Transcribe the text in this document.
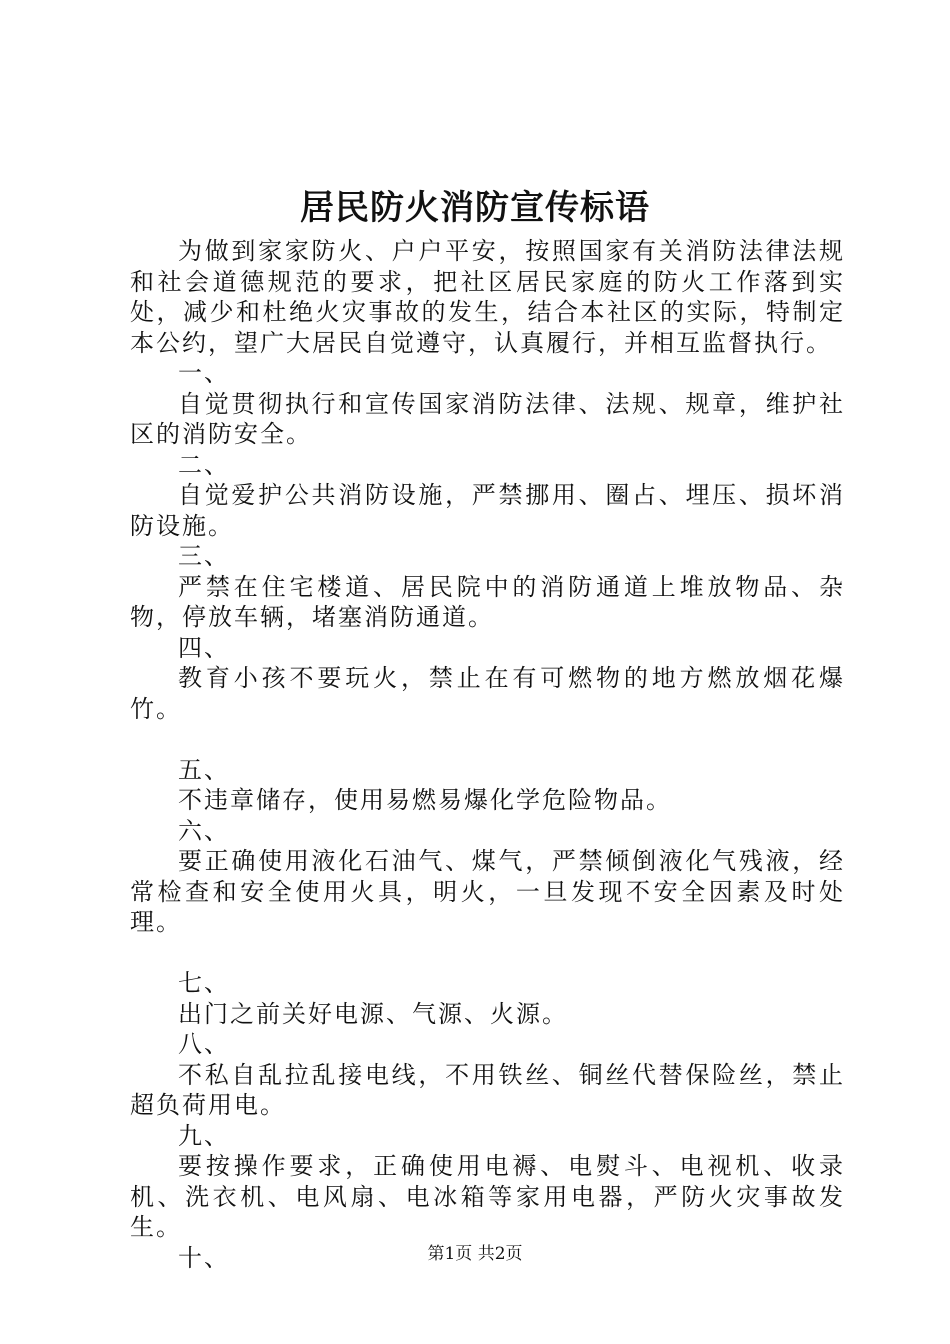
居民防火消防宣传标语

为做到家家防火、户户平安，按照国家有关消防法律法规和社会道德规范的要求，把社区居民家庭的防火工作落到实处，减少和杜绝火灾事故的发生，结合本社区的实际，特制定本公约，望广大居民自觉遵守，认真履行，并相互监督执行。

一、

自觉贯彻执行和宣传国家消防法律、法规、规章，维护社区的消防安全。

二、

自觉爱护公共消防设施，严禁挪用、圈占、埋压、损坏消防设施。

三、

严禁在住宅楼道、居民院中的消防通道上堆放物品、杂物，停放车辆，堵塞消防通道。

四、

教育小孩不要玩火，禁止在有可燃物的地方燃放烟花爆竹。

五、

不违章储存，使用易燃易爆化学危险物品。

六、

要正确使用液化石油气、煤气，严禁倾倒液化气残液，经常检查和安全使用火具，明火，一旦发现不安全因素及时处理。

七、

出门之前关好电源、气源、火源。

八、

不私自乱拉乱接电线，不用铁丝、铜丝代替保险丝，禁止超负荷用电。

九、

要按操作要求，正确使用电褥、电熨斗、电视机、收录机、洗衣机、电风扇、电冰箱等家用电器，严防火灾事故发生。

十、	第1页 共2页
